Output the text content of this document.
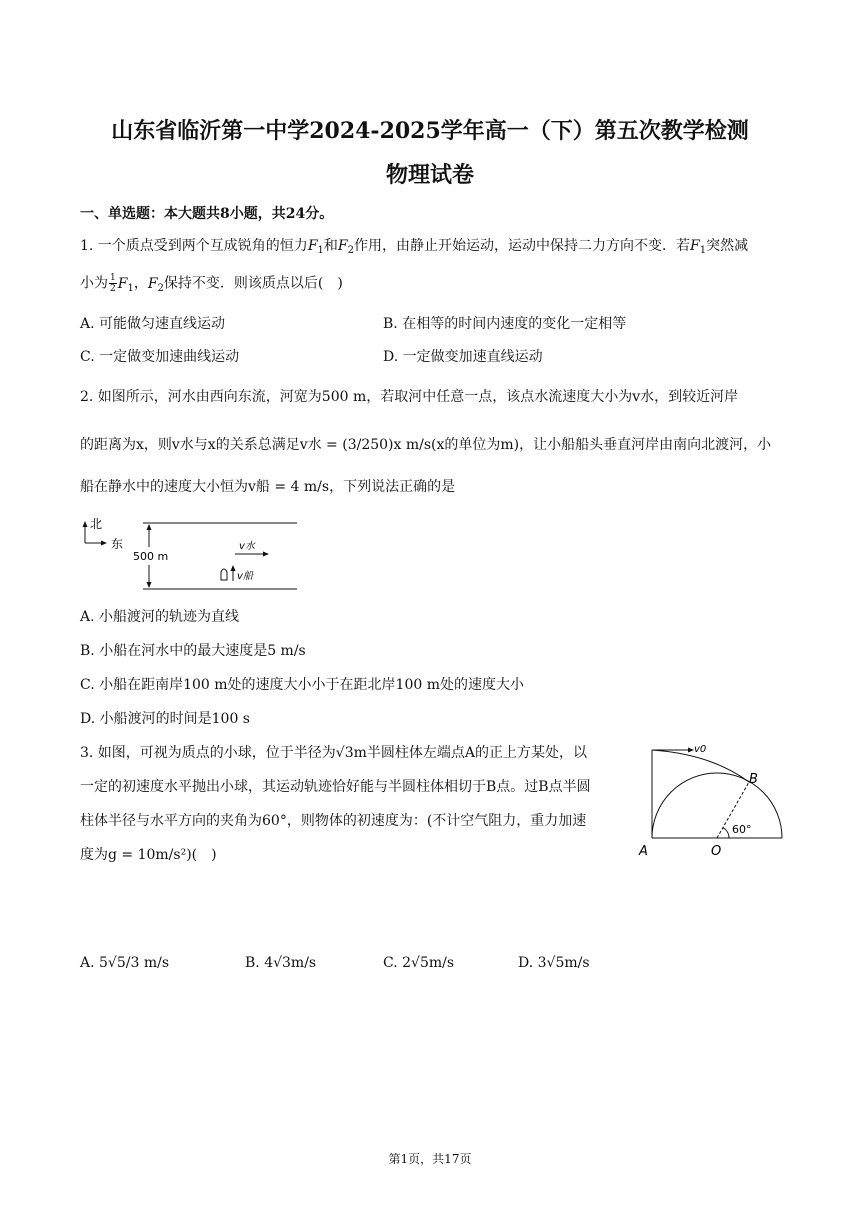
山东省临沂第一中学2024-2025学年高一（下）第五次教学检测
物理试卷
一、单选题：本大题共8小题，共24分。
1. 一个质点受到两个互成锐角的恒力$F_1$和$F_2$作用，由静止开始运动，运动中保持二力方向不变．若$F_1$突然减
小为 $\frac{1}{2} F_1$，$F_2$保持不变．则该质点以后(　)
A. 可能做匀速直线运动	B. 在相等的时间内速度的变化一定相等
C. 一定做变加速曲线运动	D. 一定做变加速直线运动
2. 如图所示，河水由西向东流，河宽为500 m，若取河中任意一点，该点水流速度大小为v水，到较近河岸
的距离为x，则v水与x的关系总满足v水 = (3/250)x m/s(x的单位为m)，让小船船头垂直河岸由南向北渡河，小
船在静水中的速度大小恒为v船 = 4 m/s，下列说法正确的是
北
东
500 m
v水
v船
A. 小船渡河的轨迹为直线
B. 小船在河水中的最大速度是5 m/s
C. 小船在距南岸100 m处的速度大小小于在距北岸100 m处的速度大小
D. 小船渡河的时间是100 s
3. 如图，可视为质点的小球，位于半径为√3m半圆柱体左端点A的正上方某处，以
一定的初速度水平抛出小球，其运动轨迹恰好能与半圆柱体相切于B点。过B点半圆
柱体半径与水平方向的夹角为60°，则物体的初速度为：(不计空气阻力，重力加速
度为g = 10m/s²)(　)
v0
60°
B
A	O
A. 5√5/3 m/s	B. 4√3m/s	C. 2√5m/s	D. 3√5m/s
第1页，共17页
